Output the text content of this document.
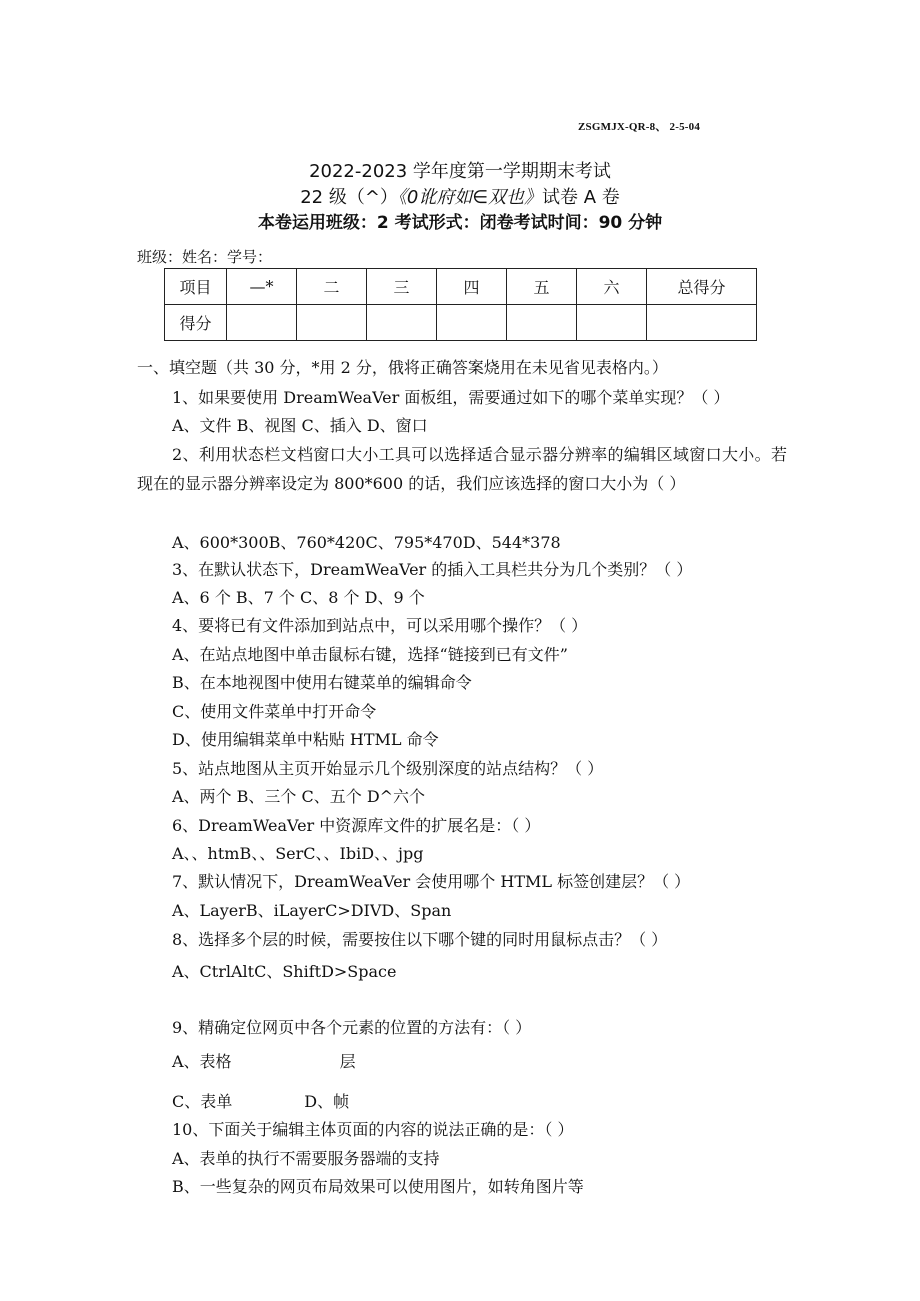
ZSGMJX-QR-8、 2-5-04
2022-2023 学年度第一学期期末考试
22 级（^）《0讹府如∈双也》试卷 A 卷
本卷运用班级：2 考试形式：闭卷考试时间：90 分钟
班级：姓名：学号：
项目	—*	二	三	四	五	六	总得分
得分							
一、填空题（共 30 分，*用 2 分，俄将正确答案烧用在未见省见表格内。）
1、如果要使用 DreamWeaVer 面板组，需要通过如下的哪个菜单实现？（ ）
A、文件 B、视图 C、插入 D、窗口
2、利用状态栏文档窗口大小工具可以选择适合显示器分辨率的编辑区域窗口大小。若现在的显示器分辨率设定为 800*600 的话，我们应该选择的窗口大小为（ ）
A、600*300B、760*420C、795*470D、544*378
3、在默认状态下，DreamWeaVer 的插入工具栏共分为几个类别？（ ）
A、6 个 B、7 个 C、8 个 D、9 个
4、要将已有文件添加到站点中，可以采用哪个操作？（ ）
A、在站点地图中单击鼠标右键，选择“链接到已有文件”
B、在本地视图中使用右键菜单的编辑命令
C、使用文件菜单中打开命令
D、使用编辑菜单中粘贴 HTML 命令
5、站点地图从主页开始显示几个级别深度的站点结构？（ ）
A、两个 B、三个 C、五个 D^六个
6、DreamWeaVer 中资源库文件的扩展名是：（ ）
A、、htmB、、SerC、、IbiD、、jpg
7、默认情况下，DreamWeaVer 会使用哪个 HTML 标签创建层？（ ）
A、LayerB、iLayerC>DIVD、Span
8、选择多个层的时候，需要按住以下哪个键的同时用鼠标点击？（ ）
A、CtrlAltC、ShiftD>Space
9、精确定位网页中各个元素的位置的方法有：（ ）
A、表格	层
C、表单	D、帧
10、下面关于编辑主体页面的内容的说法正确的是：（ ）
A、表单的执行不需要服务器端的支持
B、一些复杂的网页布局效果可以使用图片，如转角图片等
